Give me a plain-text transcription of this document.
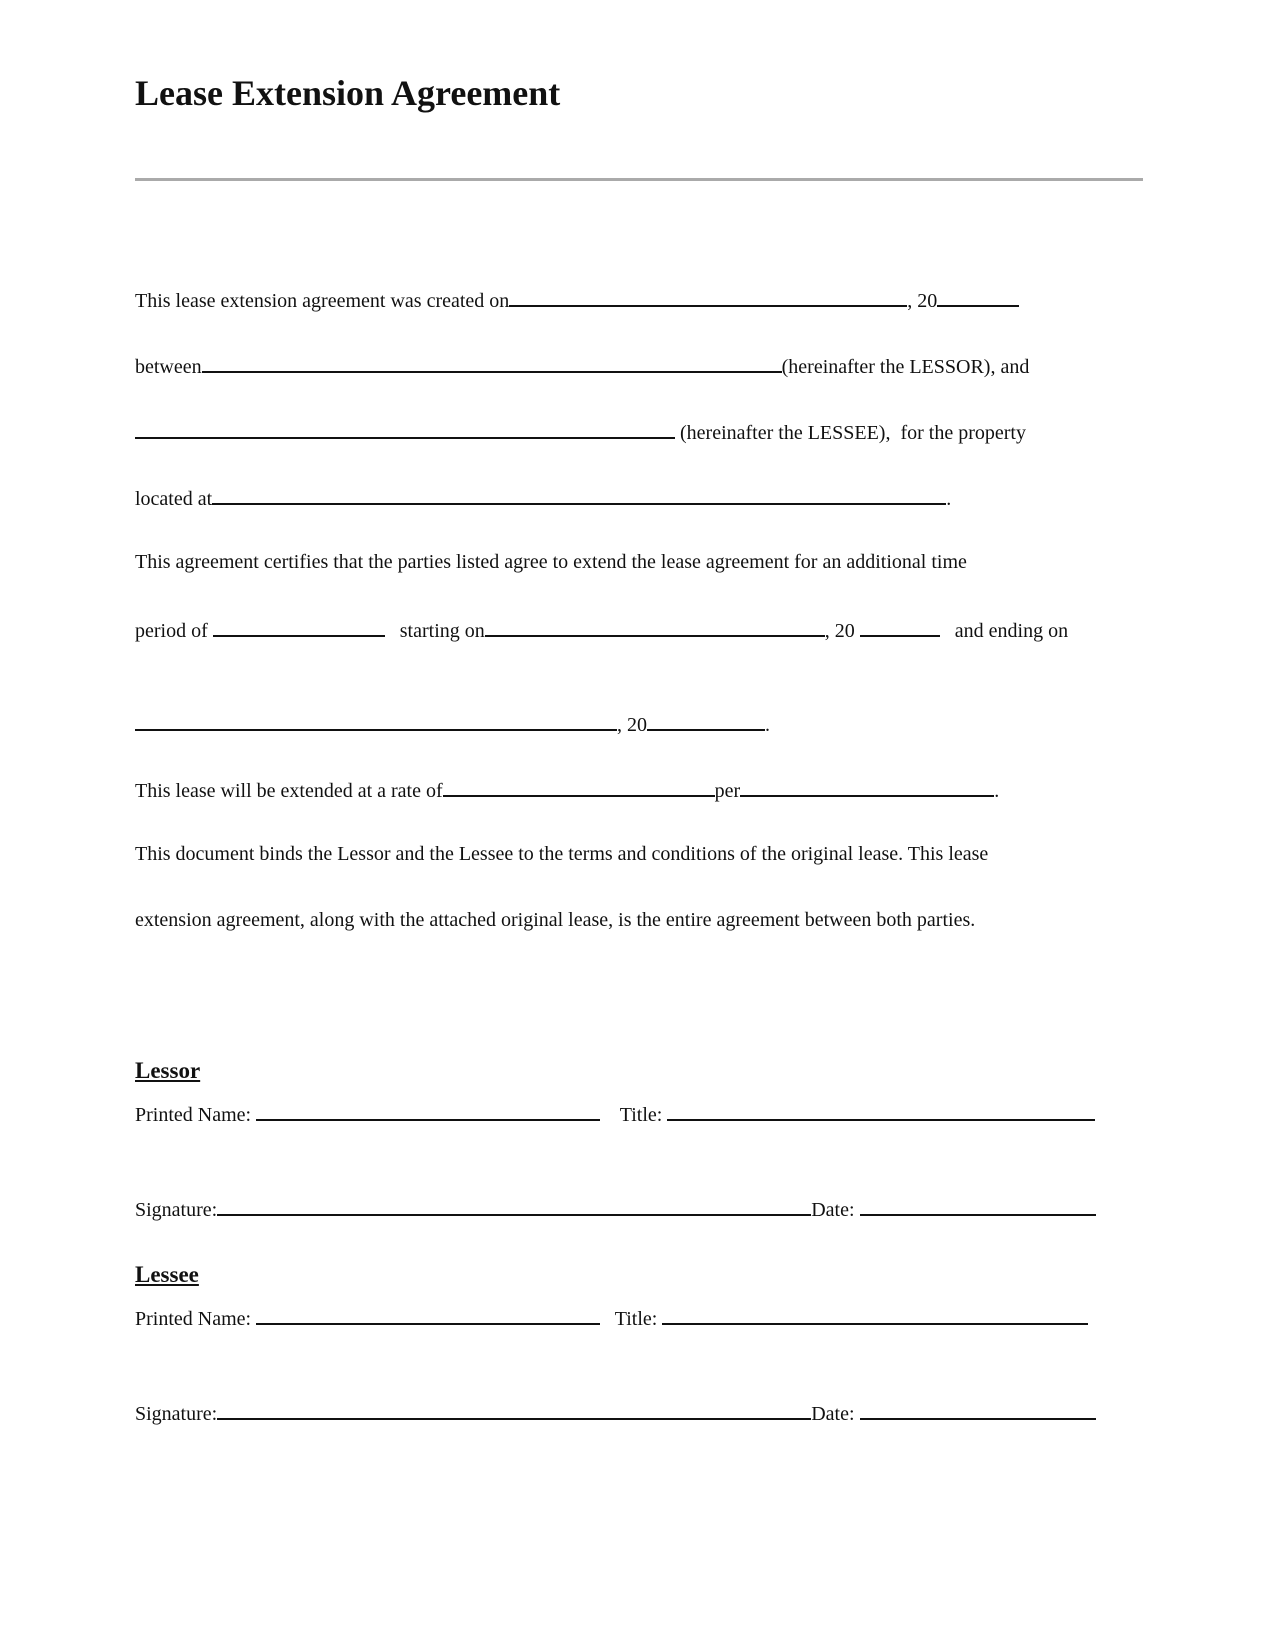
Lease Extension Agreement
This lease extension agreement was created on	, 20
between	(hereinafter the LESSOR), and
(hereinafter the LESSEE), for the property
located at	.
This agreement certifies that the parties listed agree to extend the lease agreement for an additional time
period of	starting on	, 20	and ending on
, 20	.
This lease will be extended at a rate of	per	.
This document binds the Lessor and the Lessee to the terms and conditions of the original lease. This lease
extension agreement, along with the attached original lease, is the entire agreement between both parties.
Lessor
Printed Name:	Title:
Signature:	Date:
Lessee
Printed Name:	Title:
Signature:	Date:
